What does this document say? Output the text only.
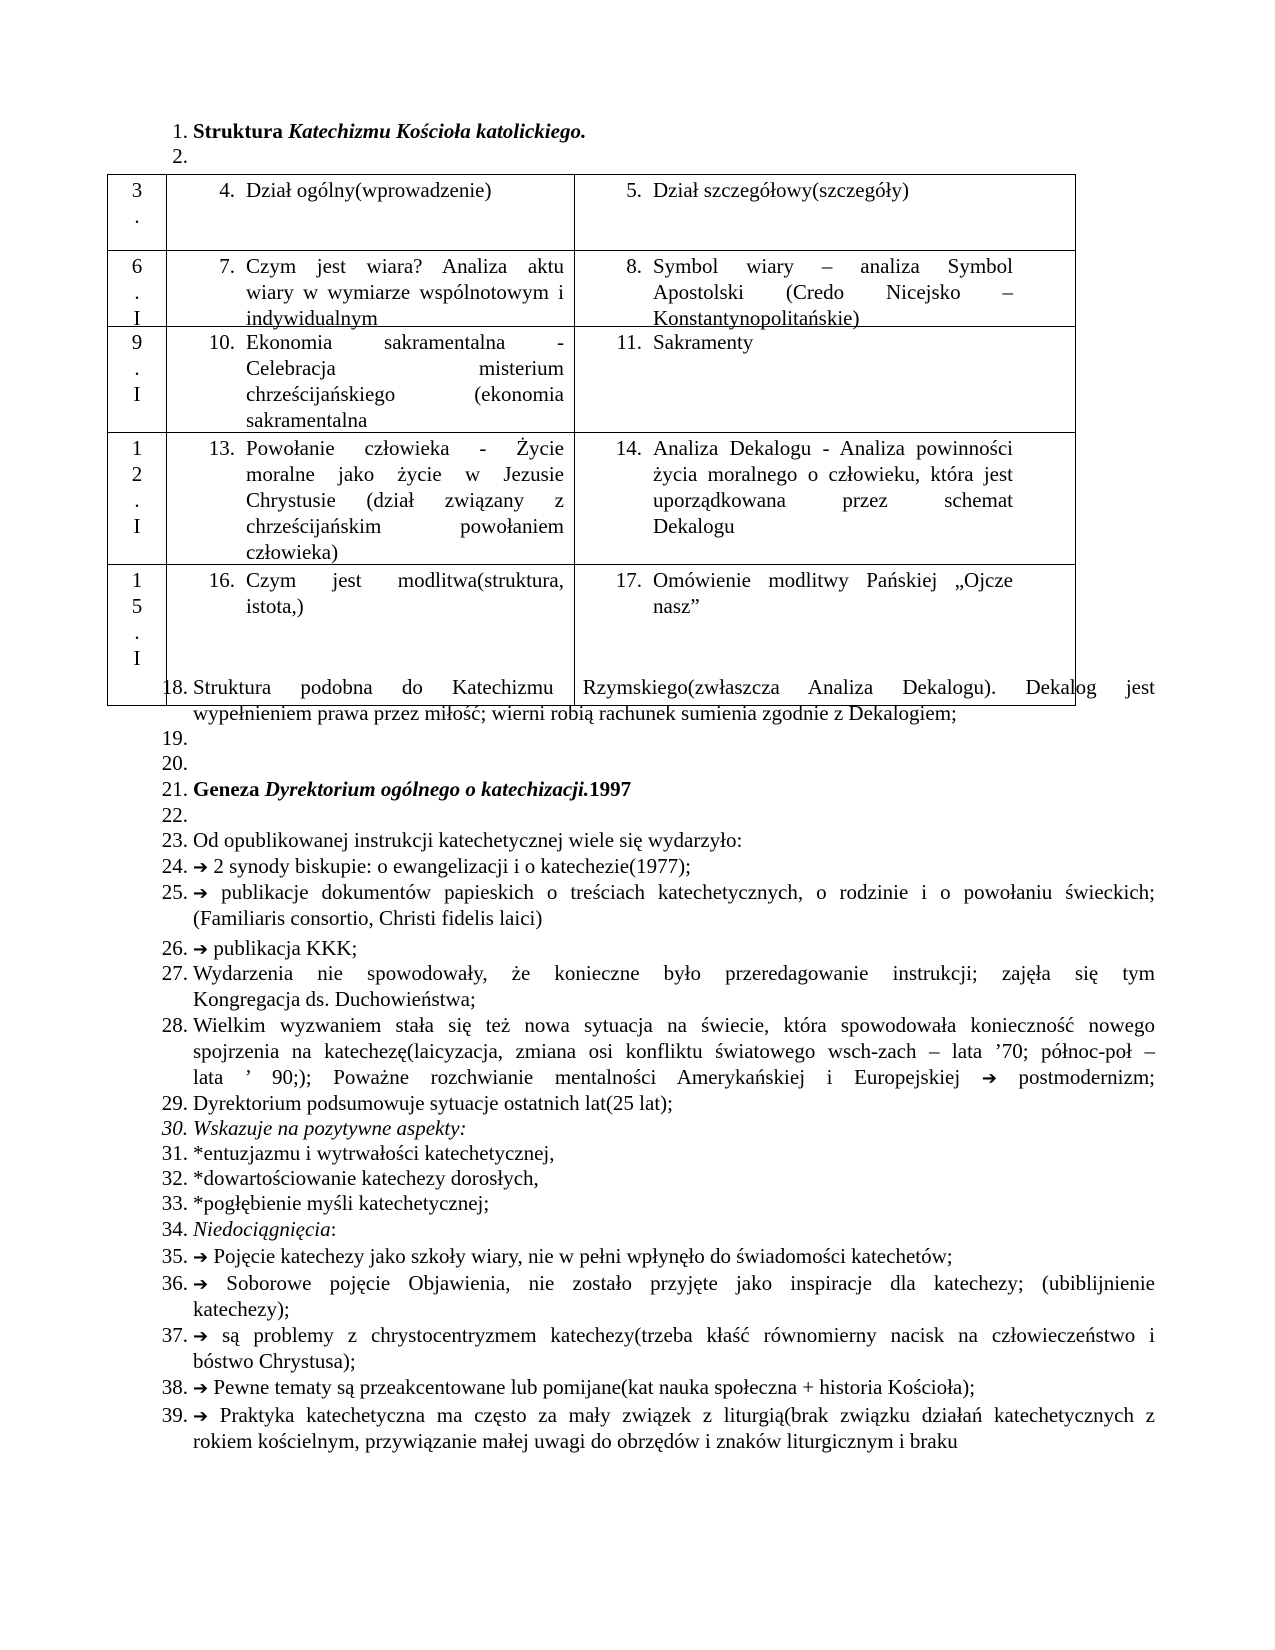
1. Struktura Katechizmu Kościoła katolickiego.
2.
3
.
4. Dział ogólny(wprowadzenie)	5. Dział szczegółowy(szczegóły)
6
.
I
7. Czym jest wiara? Analiza aktu
wiary w wymiarze wspólnotowym i
indywidualnym
8. Symbol wiary – analiza Symbol
Apostolski (Credo Nicejsko –
Konstantynopolitańskie)
9
.
I
10. Ekonomia sakramentalna -
Celebracja misterium
chrześcijańskiego (ekonomia
sakramentalna
11. Sakramenty
1
2
.
I
13. Powołanie człowieka - Życie
moralne jako życie w Jezusie
Chrystusie (dział związany z
chrześcijańskim powołaniem
człowieka)
14. Analiza Dekalogu - Analiza powinności
życia moralnego o człowieku, która jest
uporządkowana przez schemat
Dekalogu
1
5
.
I
16. Czym jest modlitwa(struktura,
istota,)
17. Omówienie modlitwy Pańskiej „Ojcze
nasz”
18. Struktura podobna do Katechizmu Rzymskiego(zwłaszcza Analiza Dekalogu). Dekalog jest
wypełnieniem prawa przez miłość; wierni robią rachunek sumienia zgodnie z Dekalogiem;
19.
20.
21. Geneza Dyrektorium ogólnego o katechizacji.1997
22.
23. Od opublikowanej instrukcji katechetycznej wiele się wydarzyło:
24. ➔ 2 synody biskupie: o ewangelizacji i o katechezie(1977);
25. ➔ publikacje dokumentów papieskich o treściach katechetycznych, o rodzinie i o powołaniu świeckich;
(Familiaris consortio, Christi fidelis laici)
26. ➔ publikacja KKK;
27. Wydarzenia nie spowodowały, że konieczne było przeredagowanie instrukcji; zajęła się tym
Kongregacja ds. Duchowieństwa;
28. Wielkim wyzwaniem stała się też nowa sytuacja na świecie, która spowodowała konieczność nowego
spojrzenia na katechezę(laicyzacja, zmiana osi konfliktu światowego wsch-zach – lata ’70; północ-poł –
lata ’ 90;); Poważne rozchwianie mentalności Amerykańskiej i Europejskiej ➔ postmodernizm;
29. Dyrektorium podsumowuje sytuacje ostatnich lat(25 lat);
30. Wskazuje na pozytywne aspekty:
31. *entuzjazmu i wytrwałości katechetycznej,
32. *dowartościowanie katechezy dorosłych,
33. *pogłębienie myśli katechetycznej;
34. Niedociągnięcia:
35. ➔ Pojęcie katechezy jako szkoły wiary, nie w pełni wpłynęło do świadomości katechetów;
36. ➔ Soborowe pojęcie Objawienia, nie zostało przyjęte jako inspiracje dla katechezy; (ubiblijnienie
katechezy);
37. ➔ są problemy z chrystocentryzmem katechezy(trzeba kłaść równomierny nacisk na człowieczeństwo i
bóstwo Chrystusa);
38. ➔ Pewne tematy są przeakcentowane lub pomijane(kat nauka społeczna + historia Kościoła);
39. ➔ Praktyka katechetyczna ma często za mały związek z liturgią(brak związku działań katechetycznych z
rokiem kościelnym, przywiązanie małej uwagi do obrzędów i znaków liturgicznym i braku
